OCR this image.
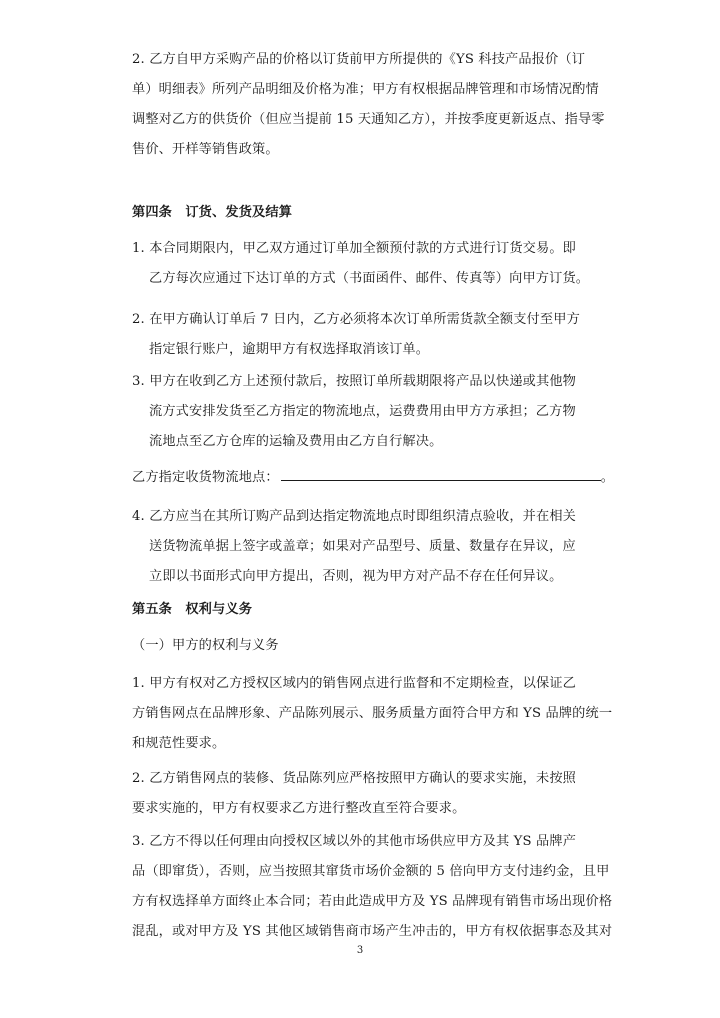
2. 乙方自甲方采购产品的价格以订货前甲方所提供的《YS 科技产品报价（订
单）明细表》所列产品明细及价格为准；甲方有权根据品牌管理和市场情况酌情
调整对乙方的供货价（但应当提前 15 天通知乙方），并按季度更新返点、指导零
售价、开样等销售政策。
第四条　订货、发货及结算
1. 本合同期限内，甲乙双方通过订单加全额预付款的方式进行订货交易。即
乙方每次应通过下达订单的方式（书面函件、邮件、传真等）向甲方订货。
2. 在甲方确认订单后 7 日内，乙方必须将本次订单所需货款全额支付至甲方
指定银行账户，逾期甲方有权选择取消该订单。
3. 甲方在收到乙方上述预付款后，按照订单所载期限将产品以快递或其他物
流方式安排发货至乙方指定的物流地点，运费费用由甲方方承担；乙方物
流地点至乙方仓库的运输及费用由乙方自行解决。
乙方指定收货物流地点：	。
4. 乙方应当在其所订购产品到达指定物流地点时即组织清点验收，并在相关
送货物流单据上签字或盖章；如果对产品型号、质量、数量存在异议，应
立即以书面形式向甲方提出，否则，视为甲方对产品不存在任何异议。
第五条　权利与义务
（一）甲方的权利与义务
1. 甲方有权对乙方授权区域内的销售网点进行监督和不定期检查，以保证乙
方销售网点在品牌形象、产品陈列展示、服务质量方面符合甲方和 YS 品牌的统一
和规范性要求。
2. 乙方销售网点的装修、货品陈列应严格按照甲方确认的要求实施，未按照
要求实施的，甲方有权要求乙方进行整改直至符合要求。
3. 乙方不得以任何理由向授权区域以外的其他市场供应甲方及其 YS 品牌产
品（即窜货），否则，应当按照其窜货市场价金额的 5 倍向甲方支付违约金，且甲
方有权选择单方面终止本合同；若由此造成甲方及 YS 品牌现有销售市场出现价格
混乱，或对甲方及 YS 其他区域销售商市场产生冲击的，甲方有权依据事态及其对
3
